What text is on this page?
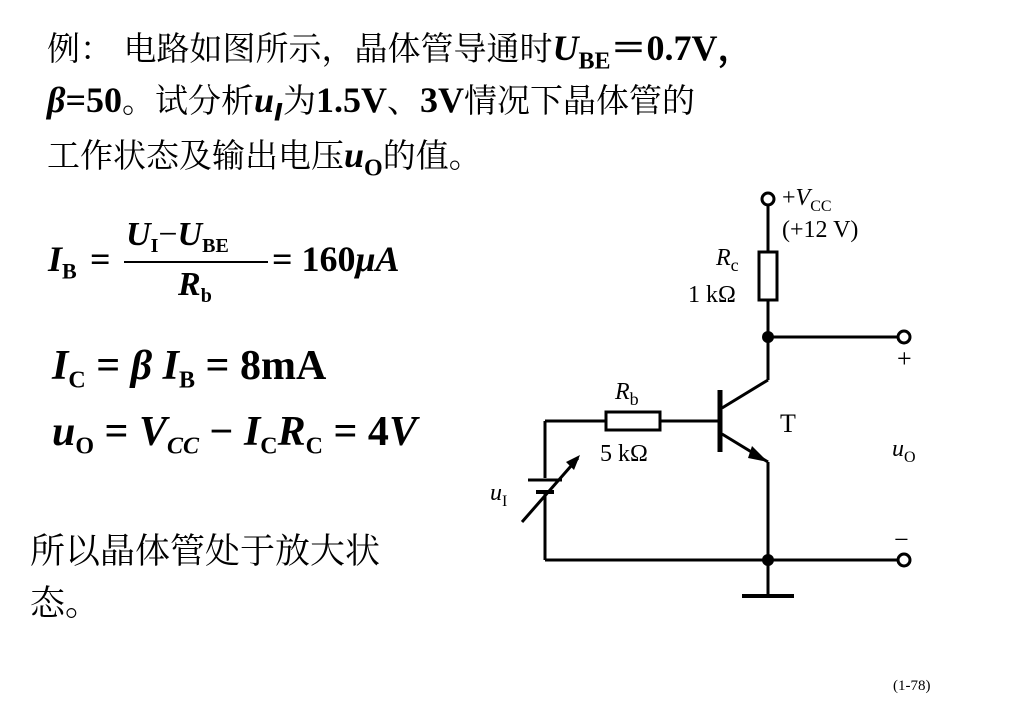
例： 电路如图所示，晶体管导通时$U_{BE}=0.7V$，
β=50。试分析$u_I$为1.5V、3V情况下晶体管的
工作状态及输出电压$u_O$的值。
$I_B$ =
$U_I-U_{BE}$
$R_b$
= 160μA
$I_C = \beta$ $I_B = 8mA$
$u_O = V_{CC} - I_CR_C = 4V$
所以晶体管处于放大状
态。
$+V_{CC}$
(+12 V)
$R_c$
1 kΩ
$R_b$
5 kΩ
T
+
−
$u_O$
$u_I$
(1-78)
